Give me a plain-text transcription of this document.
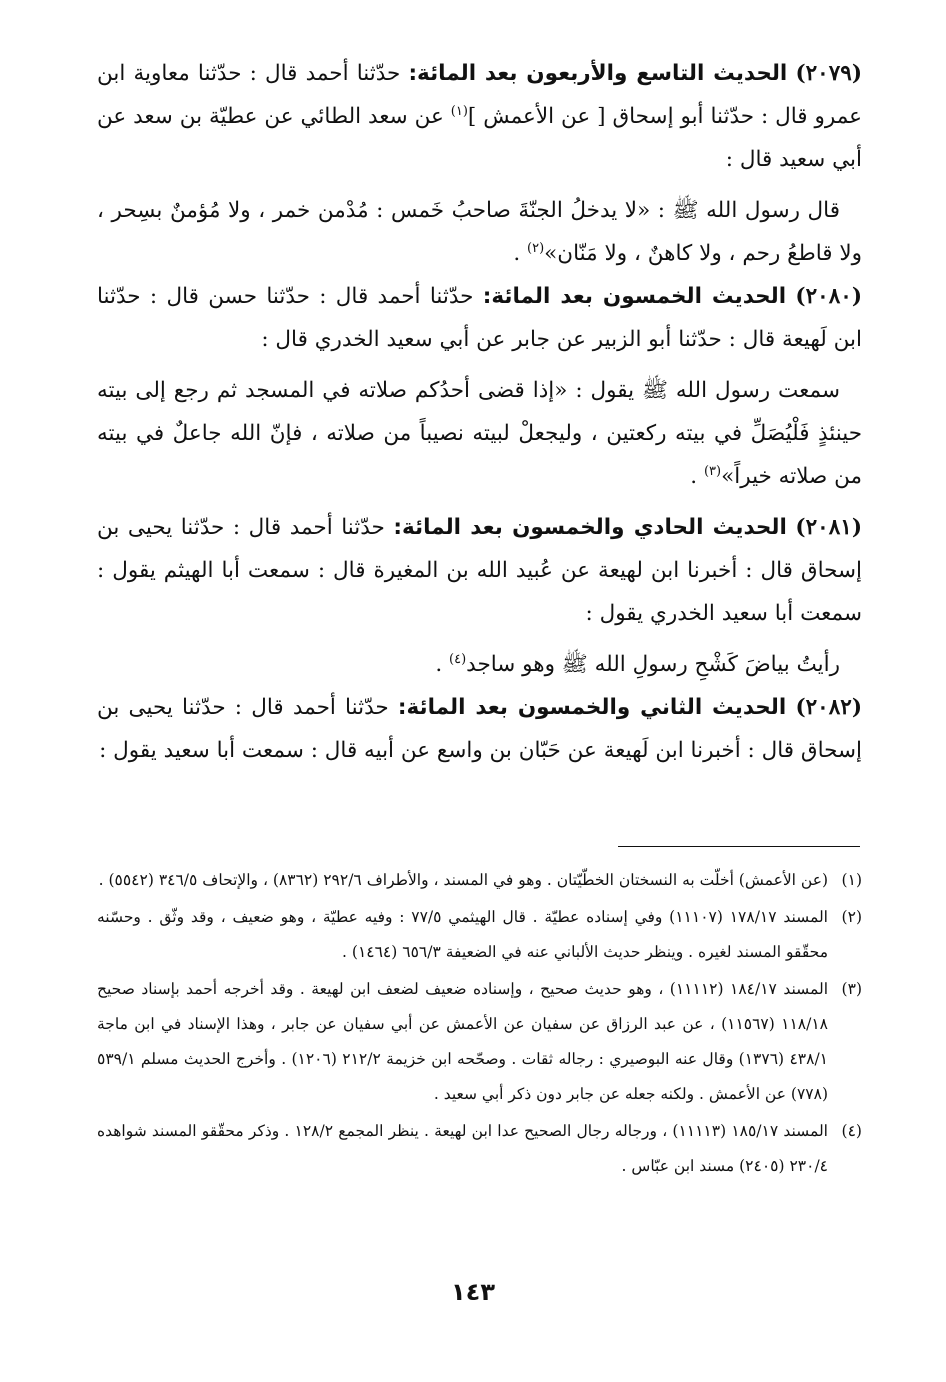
(٢٠٧٩) الحديث التاسع والأربعون بعد المائة: حدّثنا أحمد قال : حدّثنا معاوية ابن عمرو قال : حدّثنا أبو إسحاق [ عن الأعمش ]$^{(١)}$ عن سعد الطائي عن عطيّة بن سعد عن أبي سعيد قال :

قال رسول الله ﷺ : «لا يدخلُ الجنّةَ صاحبُ خَمس : مُدْمن خمر ، ولا مُؤمنٌ بسِحر ، ولا قاطعُ رحم ، ولا كاهنٌ ، ولا مَنّان»$^{(٢)}$ .

(٢٠٨٠) الحديث الخمسون بعد المائة: حدّثنا أحمد قال : حدّثنا حسن قال : حدّثنا ابن لَهيعة قال : حدّثنا أبو الزبير عن جابر عن أبي سعيد الخدري قال :

سمعت رسول الله ﷺ يقول : «إذا قضى أحدُكم صلاته في المسجد ثم رجع إلى بيته حينئذٍ فَلْيُصَلِّ في بيته ركعتين ، وليجعلْ لبيته نصيباً من صلاته ، فإنّ الله جاعلٌ في بيته من صلاته خيراً»$^{(٣)}$ .

(٢٠٨١) الحديث الحادي والخمسون بعد المائة: حدّثنا أحمد قال : حدّثنا يحيى بن إسحاق قال : أخبرنا ابن لهيعة عن عُبيد الله بن المغيرة قال : سمعت أبا الهيثم يقول : سمعت أبا سعيد الخدري يقول :

رأيتُ بياضَ كَشْحِ رسولِ الله ﷺ وهو ساجد$^{(٤)}$ .

(٢٠٨٢) الحديث الثاني والخمسون بعد المائة: حدّثنا أحمد قال : حدّثنا يحيى بن إسحاق قال : أخبرنا ابن لَهيعة عن حَبّان بن واسع عن أبيه قال : سمعت أبا سعيد يقول :

(١)(عن الأعمش) أخلّت به النسختان الخطّيّتان . وهو في المسند ، والأطراف ٢٩٢/٦ (٨٣٦٢) ، والإتحاف ٣٤٦/٥ (٥٥٤٢) .

(٢)المسند ١٧٨/١٧ (١١١٠٧) وفي إسناده عطيّة . قال الهيثمي ٧٧/٥ : وفيه عطيّة ، وهو ضعيف ، وقد وثّق . وحسّنه محقّقو المسند لغيره . وينظر حديث الألباني عنه في الضعيفة ٦٥٦/٣ (١٤٦٤) .

(٣)المسند ١٨٤/١٧ (١١١١٢) ، وهو حديث صحيح ، وإسناده ضعيف لضعف ابن لهيعة . وقد أخرجه أحمد بإسناد صحيح ١١٨/١٨ (١١٥٦٧) ، عن عبد الرزاق عن سفيان عن الأعمش عن أبي سفيان عن جابر ، وهذا الإسناد في ابن ماجة ٤٣٨/١ (١٣٧٦) وقال عنه البوصيري : رجاله ثقات . وصحّحه ابن خزيمة ٢١٢/٢ (١٢٠٦) . وأخرج الحديث مسلم ٥٣٩/١ (٧٧٨) عن الأعمش . ولكنه جعله عن جابر دون ذكر أبي سعيد .

(٤)المسند ١٨٥/١٧ (١١١١٣) ، ورجاله رجال الصحيح عدا ابن لهيعة . ينظر المجمع ١٢٨/٢ . وذكر محقّقو المسند شواهده ٢٣٠/٤ (٢٤٠٥) مسند ابن عبّاس .

١٤٣
